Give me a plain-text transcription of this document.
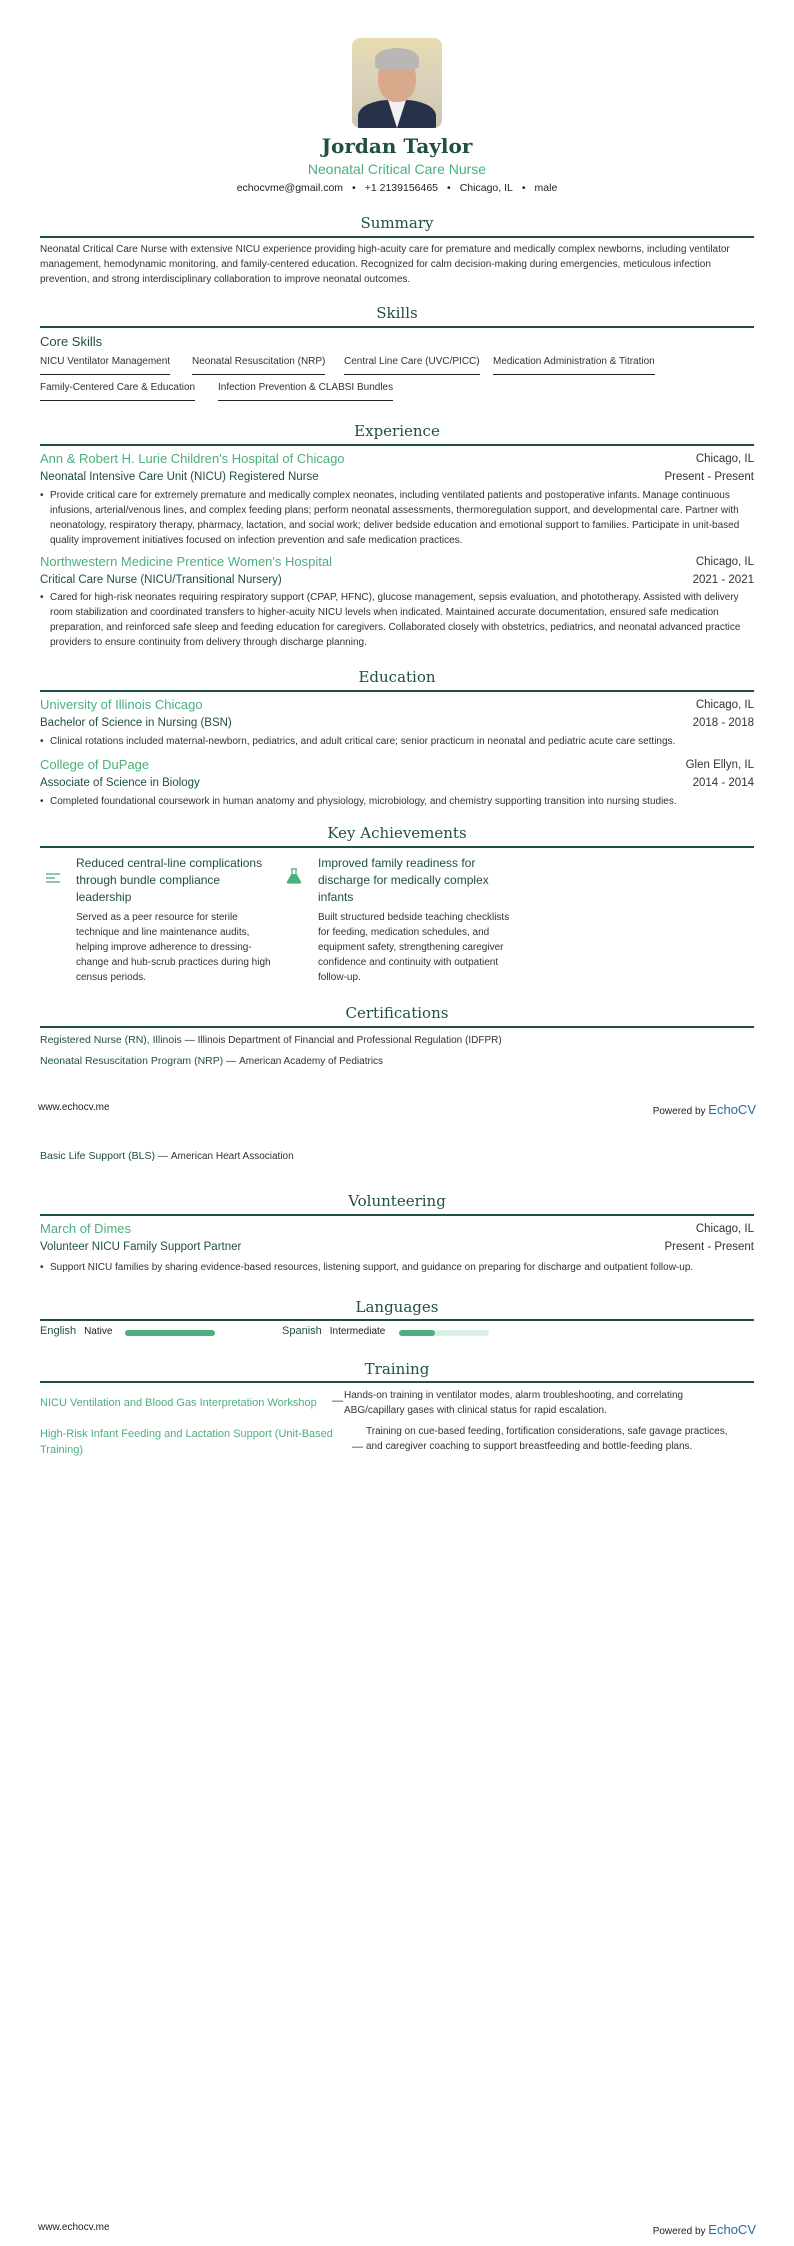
Jordan Taylor
Neonatal Critical Care Nurse
echocvme@gmail.com • +1 2139156465 • Chicago, IL • male
Summary
Neonatal Critical Care Nurse with extensive NICU experience providing high-acuity care for premature and medically complex newborns, including ventilator management, hemodynamic monitoring, and family-centered education. Recognized for calm decision-making during emergencies, meticulous infection prevention, and strong interdisciplinary collaboration to improve neonatal outcomes.
Skills
Core Skills
NICU Ventilator Management Neonatal Resuscitation (NRP) Central Line Care (UVC/PICC) Medication Administration & Titration
Family-Centered Care & Education Infection Prevention & CLABSI Bundles
Experience
Ann & Robert H. Lurie Children's Hospital of Chicago	Chicago, IL
Neonatal Intensive Care Unit (NICU) Registered Nurse	Present - Present
• Provide critical care for extremely premature and medically complex neonates, including ventilated patients and postoperative infants. Manage continuous infusions, arterial/venous lines, and complex feeding plans; perform neonatal assessments, thermoregulation support, and developmental care. Partner with neonatology, respiratory therapy, pharmacy, lactation, and social work; deliver bedside education and emotional support to families. Participate in unit-based quality improvement initiatives focused on infection prevention and safe medication practices.
Northwestern Medicine Prentice Women's Hospital	Chicago, IL
Critical Care Nurse (NICU/Transitional Nursery)	2021 - 2021
• Cared for high-risk neonates requiring respiratory support (CPAP, HFNC), glucose management, sepsis evaluation, and phototherapy. Assisted with delivery room stabilization and coordinated transfers to higher-acuity NICU levels when indicated. Maintained accurate documentation, ensured safe medication preparation, and reinforced safe sleep and feeding education for caregivers. Collaborated closely with obstetrics, pediatrics, and neonatal advanced practice providers to ensure continuity from delivery through discharge planning.
Education
University of Illinois Chicago	Chicago, IL
Bachelor of Science in Nursing (BSN)	2018 - 2018
• Clinical rotations included maternal-newborn, pediatrics, and adult critical care; senior practicum in neonatal and pediatric acute care settings.
College of DuPage	Glen Ellyn, IL
Associate of Science in Biology	2014 - 2014
• Completed foundational coursework in human anatomy and physiology, microbiology, and chemistry supporting transition into nursing studies.
Key Achievements
Reduced central-line complications through bundle compliance leadership
Served as a peer resource for sterile technique and line maintenance audits, helping improve adherence to dressing-change and hub-scrub practices during high census periods.
Improved family readiness for discharge for medically complex infants
Built structured bedside teaching checklists for feeding, medication schedules, and equipment safety, strengthening caregiver confidence and continuity with outpatient follow-up.
Certifications
Registered Nurse (RN), Illinois — Illinois Department of Financial and Professional Regulation (IDFPR)
Neonatal Resuscitation Program (NRP) — American Academy of Pediatrics
Basic Life Support (BLS) — American Heart Association
Volunteering
March of Dimes	Chicago, IL
Volunteer NICU Family Support Partner	Present - Present
• Support NICU families by sharing evidence-based resources, listening support, and guidance on preparing for discharge and outpatient follow-up.
Languages
English Native	Spanish Intermediate
Training
NICU Ventilation and Blood Gas Interpretation Workshop — Hands-on training in ventilator modes, alarm troubleshooting, and correlating ABG/capillary gases with clinical status for rapid escalation.
High-Risk Infant Feeding and Lactation Support (Unit-Based Training)	—
Training on cue-based feeding, fortification considerations, safe gavage practices, and caregiver coaching to support breastfeeding and bottle-feeding plans.
www.echocv.me	Powered by EchoCV
www.echocv.me	Powered by EchoCV
